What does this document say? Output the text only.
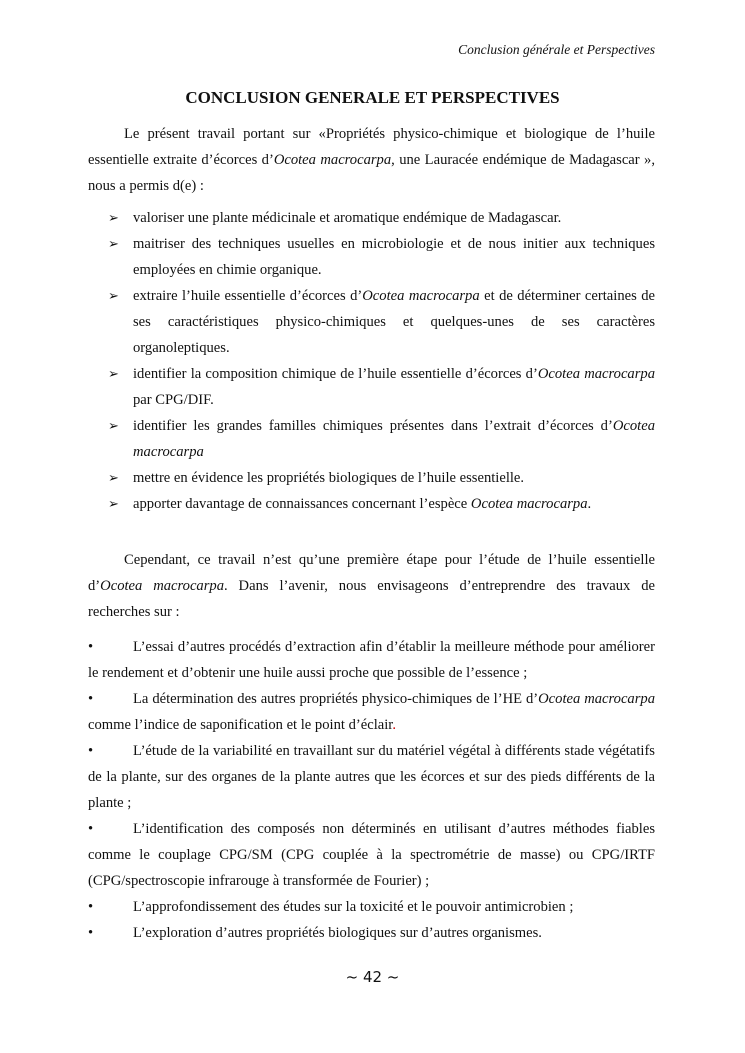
Conclusion générale et Perspectives
CONCLUSION GENERALE ET PERSPECTIVES

Le présent travail portant sur «Propriétés physico-chimique et biologique de l’huile essentielle extraite d’écorces d’Ocotea macrocarpa, une Lauracée endémique de Madagascar », nous a permis d(e) :

➢ valoriser une plante médicinale et aromatique endémique de Madagascar.
➢ maitriser des techniques usuelles en microbiologie et de nous initier aux techniques employées en chimie organique.
➢ extraire l’huile essentielle d’écorces d’Ocotea macrocarpa et de déterminer certaines de ses caractéristiques physico-chimiques et quelques-unes de ses caractères organoleptiques.
➢ identifier la composition chimique de l’huile essentielle d’écorces d’Ocotea macrocarpa par CPG/DIF.
➢ identifier les grandes familles chimiques présentes dans l’extrait d’écorces d’Ocotea macrocarpa
➢ mettre en évidence les propriétés biologiques de l’huile essentielle.
➢ apporter davantage de connaissances concernant l’espèce Ocotea macrocarpa.

Cependant, ce travail n’est qu’une première étape pour l’étude de l’huile essentielle d’Ocotea macrocarpa. Dans l’avenir, nous envisageons d’entreprendre des travaux de recherches sur :

•	L’essai d’autres procédés d’extraction afin d’établir la meilleure méthode pour améliorer le rendement et d’obtenir une huile aussi proche que possible de l’essence ;
•	La détermination des autres propriétés physico-chimiques de l’HE d’Ocotea macrocarpa comme l’indice de saponification et le point d’éclair.
•	L’étude de la variabilité en travaillant sur du matériel végétal à différents stade végétatifs de la plante, sur des organes de la plante autres que les écorces et sur des pieds différents de la plante ;
•	L’identification des composés non déterminés en utilisant d’autres méthodes fiables comme le couplage CPG/SM (CPG couplée à la spectrométrie de masse) ou CPG/IRTF (CPG/spectroscopie infrarouge à transformée de Fourier) ;
•	L’approfondissement des études sur la toxicité et le pouvoir antimicrobien ;
•	L’exploration d’autres propriétés biologiques sur d’autres organismes.
~ 42 ~
